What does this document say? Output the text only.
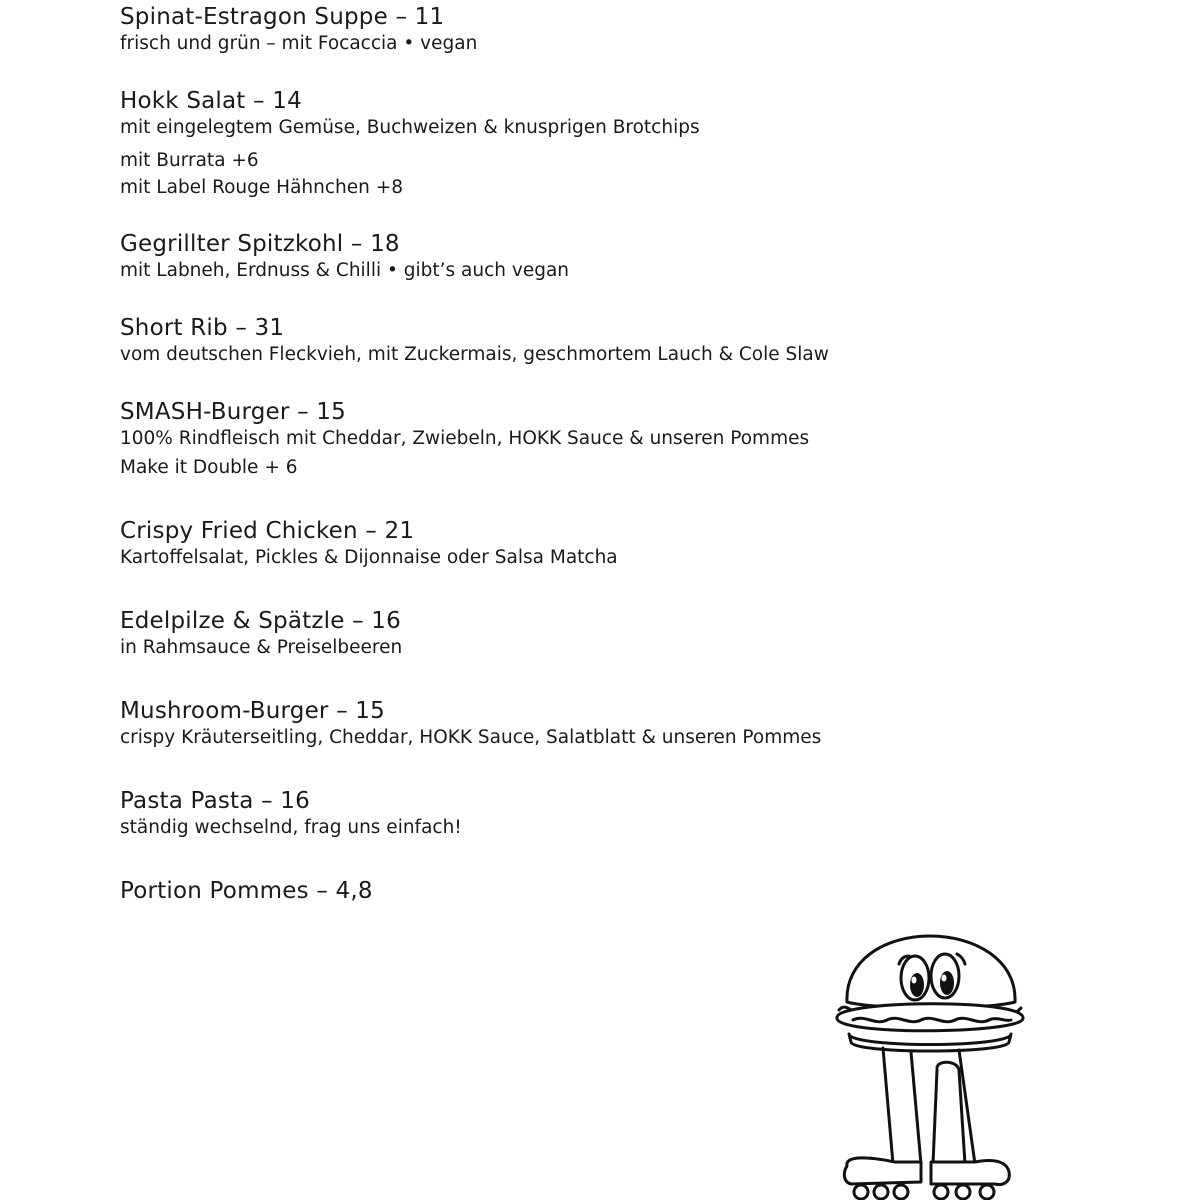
Spinat-Estragon Suppe – 11
frisch und grün – mit Focaccia • vegan
Hokk Salat – 14
mit eingelegtem Gemüse, Buchweizen & knusprigen Brotchips
mit Burrata +6
mit Label Rouge Hähnchen +8
Gegrillter Spitzkohl – 18
mit Labneh, Erdnuss & Chilli • gibt’s auch vegan
Short Rib – 31
vom deutschen Fleckvieh, mit Zuckermais, geschmortem Lauch & Cole Slaw
SMASH-Burger – 15
100% Rindfleisch mit Cheddar, Zwiebeln, HOKK Sauce & unseren Pommes
Make it Double + 6
Crispy Fried Chicken – 21
Kartoffelsalat, Pickles & Dijonnaise oder Salsa Matcha
Edelpilze & Spätzle – 16
in Rahmsauce & Preiselbeeren
Mushroom-Burger – 15
crispy Kräuterseitling, Cheddar, HOKK Sauce, Salatblatt & unseren Pommes
Pasta Pasta – 16
ständig wechselnd, frag uns einfach!
Portion Pommes – 4,8
